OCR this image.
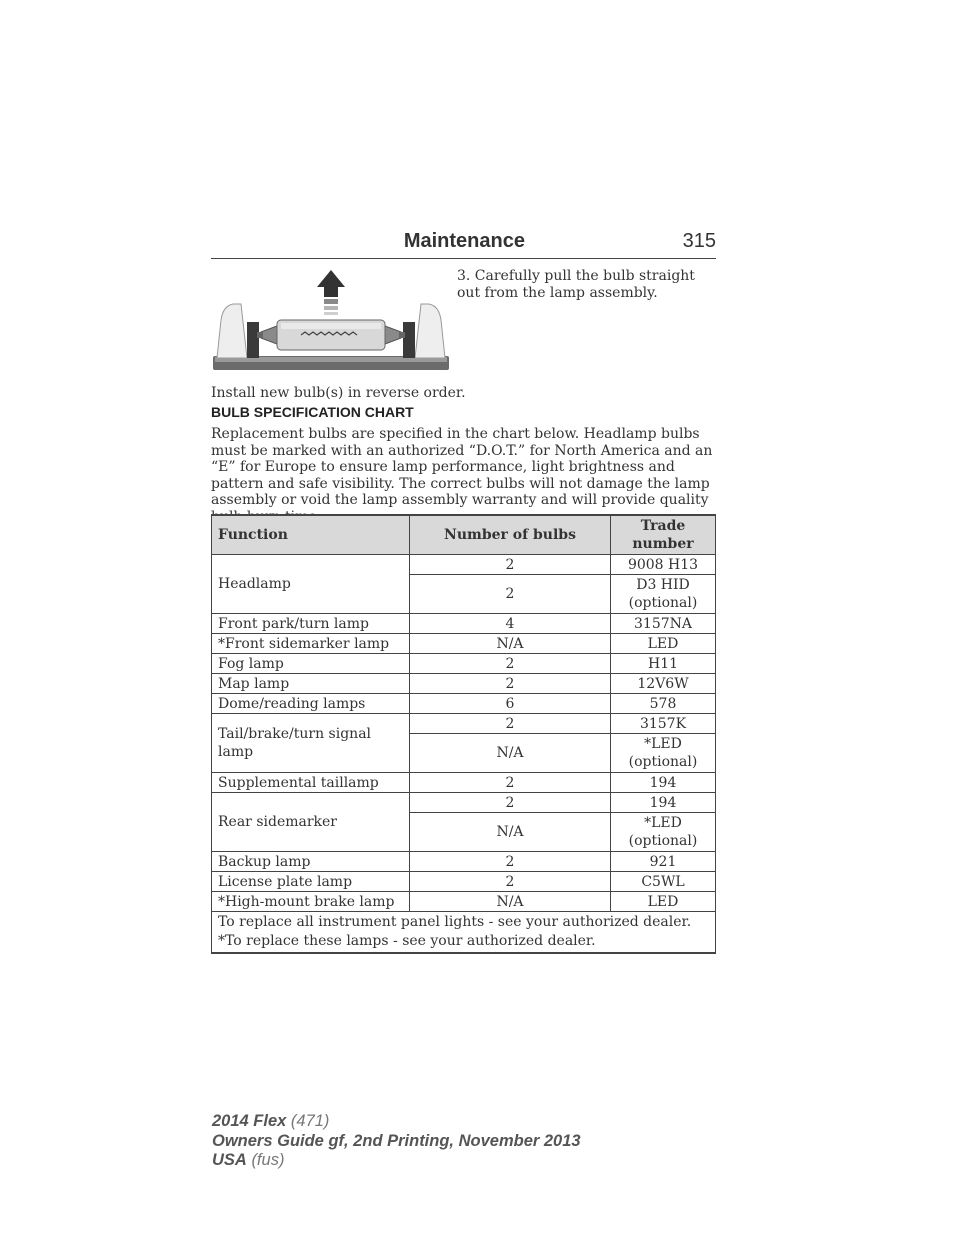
Maintenance	315
3. Carefully pull the bulb straight out from the lamp assembly.
Install new bulb(s) in reverse order.
BULB SPECIFICATION CHART
Replacement bulbs are specified in the chart below. Headlamp bulbs must be marked with an authorized “D.O.T.” for North America and an “E” for Europe to ensure lamp performance, light brightness and pattern and safe visibility. The correct bulbs will not damage the lamp assembly or void the lamp assembly warranty and will provide quality
Function	Number of bulbs	Trade number
Headlamp	2	9008 H13
	2	D3 HID (optional)
Front park/turn lamp	4	3157NA
*Front sidemarker lamp	N/A	LED
Fog lamp	2	H11
Map lamp	2	12V6W
Dome/reading lamps	6	578
Tail/brake/turn signal lamp	2	3157K
	N/A	*LED (optional)
Supplemental taillamp	2	194
Rear sidemarker	2	194
	N/A	*LED (optional)
Backup lamp	2	921
License plate lamp	2	C5WL
*High-mount brake lamp	N/A	LED

To replace all instrument panel lights - see your authorized dealer.
*To replace these lamps - see your authorized dealer.		
2014 Flex (471)
Owners Guide gf, 2nd Printing, November 2013
USA (fus)
